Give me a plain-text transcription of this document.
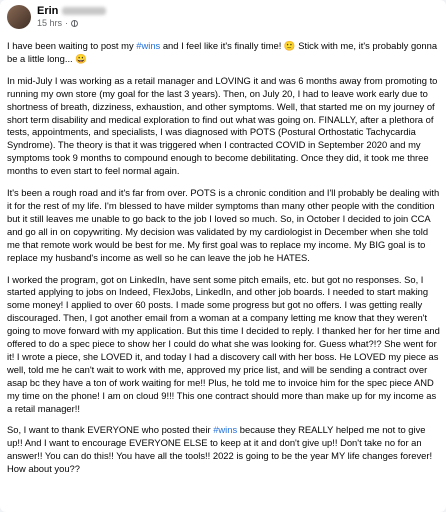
Erin
15 hrs ·

I have been waiting to post my #wins and I feel like it's finally time! 🙂 Stick with me, it's probably gonna be a little long... 😀

In mid-July I was working as a retail manager and LOVING it and was 6 months away from promoting to running my own store (my goal for the last 3 years). Then, on July 20, I had to leave work early due to shortness of breath, dizziness, exhaustion, and other symptoms. Well, that started me on my journey of short term disability and medical exploration to find out what was going on. FINALLY, after a plethora of tests, appointments, and specialists, I was diagnosed with POTS (Postural Orthostatic Tachycardia Syndrome). The theory is that it was triggered when I contracted COVID in September 2020 and my symptoms took 9 months to compound enough to become debilitating. Once they did, it took me three months to even start to feel normal again.

It's been a rough road and it's far from over. POTS is a chronic condition and I'll probably be dealing with it for the rest of my life. I'm blessed to have milder symptoms than many other people with the condition but it still leaves me unable to go back to the job I loved so much. So, in October I decided to join CCA and go all in on copywriting. My decision was validated by my cardiologist in December when she told me that remote work would be best for me. My first goal was to replace my income. My BIG goal is to replace my husband's income as well so he can leave the job he HATES.

I worked the program, got on LinkedIn, have sent some pitch emails, etc. but got no responses. So, I started applying to jobs on Indeed, FlexJobs, LinkedIn, and other job boards. I needed to start making some money! I applied to over 60 posts. I made some progress but got no offers. I was getting really discouraged. Then, I got another email from a woman at a company letting me know that they weren't going to move forward with my application. But this time I decided to reply. I thanked her for her time and offered to do a spec piece to show her I could do what she was looking for. Guess what?!? She went for it! I wrote a piece, she LOVED it, and today I had a discovery call with her boss. He LOVED my piece as well, told me he can't wait to work with me, approved my price list, and will be sending a contract over asap bc they have a ton of work waiting for me!! Plus, he told me to invoice him for the spec piece AND my time on the phone! I am on cloud 9!!! This one contract should more than make up for my income as a retail manager!!

So, I want to thank EVERYONE who posted their #wins because they REALLY helped me not to give up!! And I want to encourage EVERYONE ELSE to keep at it and don't give up!! Don't take no for an answer!! You can do this!! You have all the tools!! 2022 is going to be the year MY life changes forever! How about you??
